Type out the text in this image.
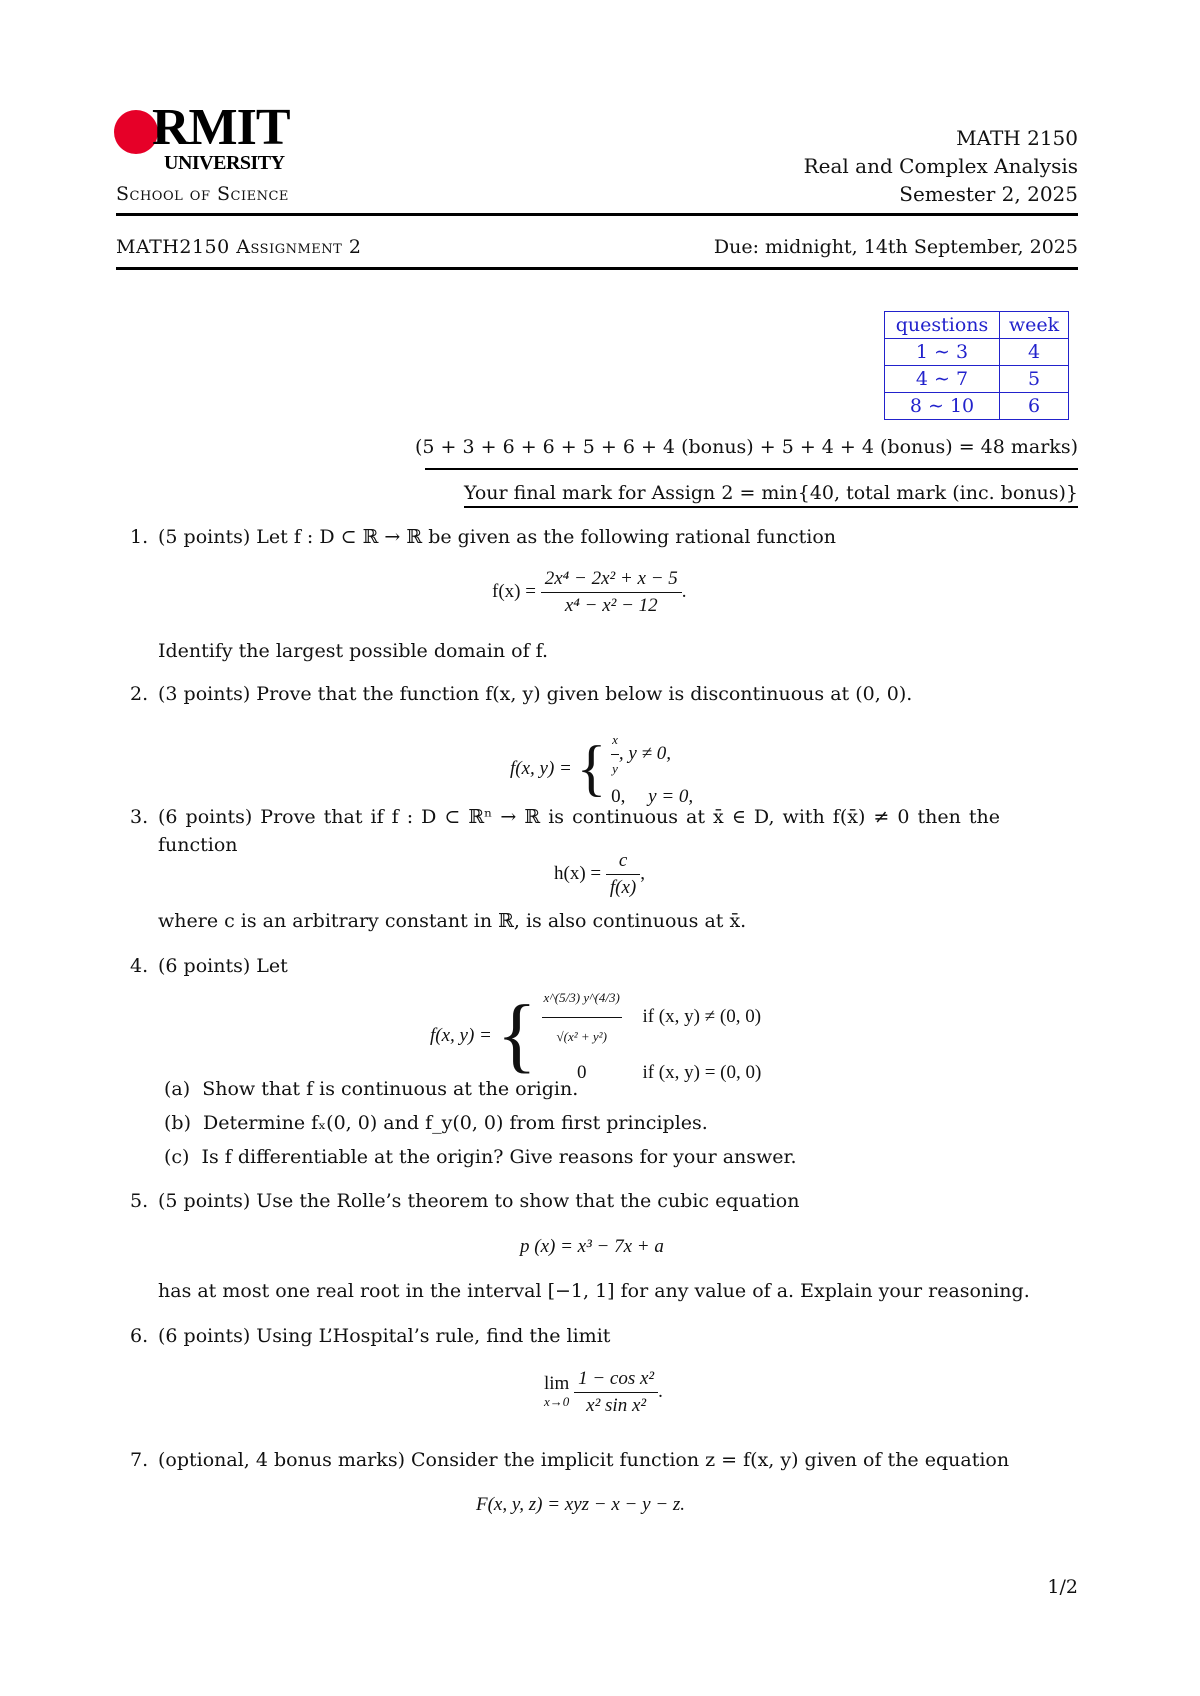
RMIT
UNIVERSITY
School of Science
MATH 2150
Real and Complex Analysis
Semester 2, 2025
MATH2150 Assignment 2	Due: midnight, 14th September, 2025
questions	week
1 ∼ 3	4
4 ∼ 7	5
8 ∼ 10	6
(5 + 3 + 6 + 6 + 5 + 6 + 4 (bonus) + 5 + 4 + 4 (bonus) = 48 marks)
Your final mark for Assign 2 = min{40, total mark (inc. bonus)}
1. (5 points) Let f : D ⊂ ℝ → ℝ be given as the following rational function
$f(x) = \frac{\text{2x⁴ − 2x² + x − 5}}{\text{x⁴ − x² − 12}}$ .
Identify the largest possible domain of f.
2. (3 points) Prove that the function f(x, y) given below is discontinuous at (0, 0).
f(x, y) = { $\frac{x}{y}$ , y ≠ 0,
0, y = 0,
3. (6 points) Prove that if f : D ⊂ ℝⁿ → ℝ is continuous at x̄ ∈ D, with f(x̄) ≠ 0 then the
function
$h(x) = \frac{c}{f(x)}$ ,
where c is an arbitrary constant in ℝ, is also continuous at x̄.
4. (6 points) Let
f(x, y) = { $\frac{x\^{}(5/3) y\^{}(4/3)}{\text{√(x² + y²)}}$ if (x, y) ≠ (0, 0)
0	if (x, y) = (0, 0)
(a) Show that f is continuous at the origin.
(b) Determine fₓ(0, 0) and f_y(0, 0) from first principles.
(c) Is f differentiable at the origin? Give reasons for your answer.
5. (5 points) Use the Rolle’s theorem to show that the cubic equation
p (x) = x³ − 7x + a
has at most one real root in the interval [−1, 1] for any value of a. Explain your reasoning.
6. (6 points) Using L’Hospital’s rule, find the limit
lim
x→0
$\frac{\text{1 − cos x²}}{\text{x² sin x²}}$ .
7. (optional, 4 bonus marks) Consider the implicit function z = f(x, y) given of the equation
F(x, y, z) = xyz − x − y − z.
1/2
